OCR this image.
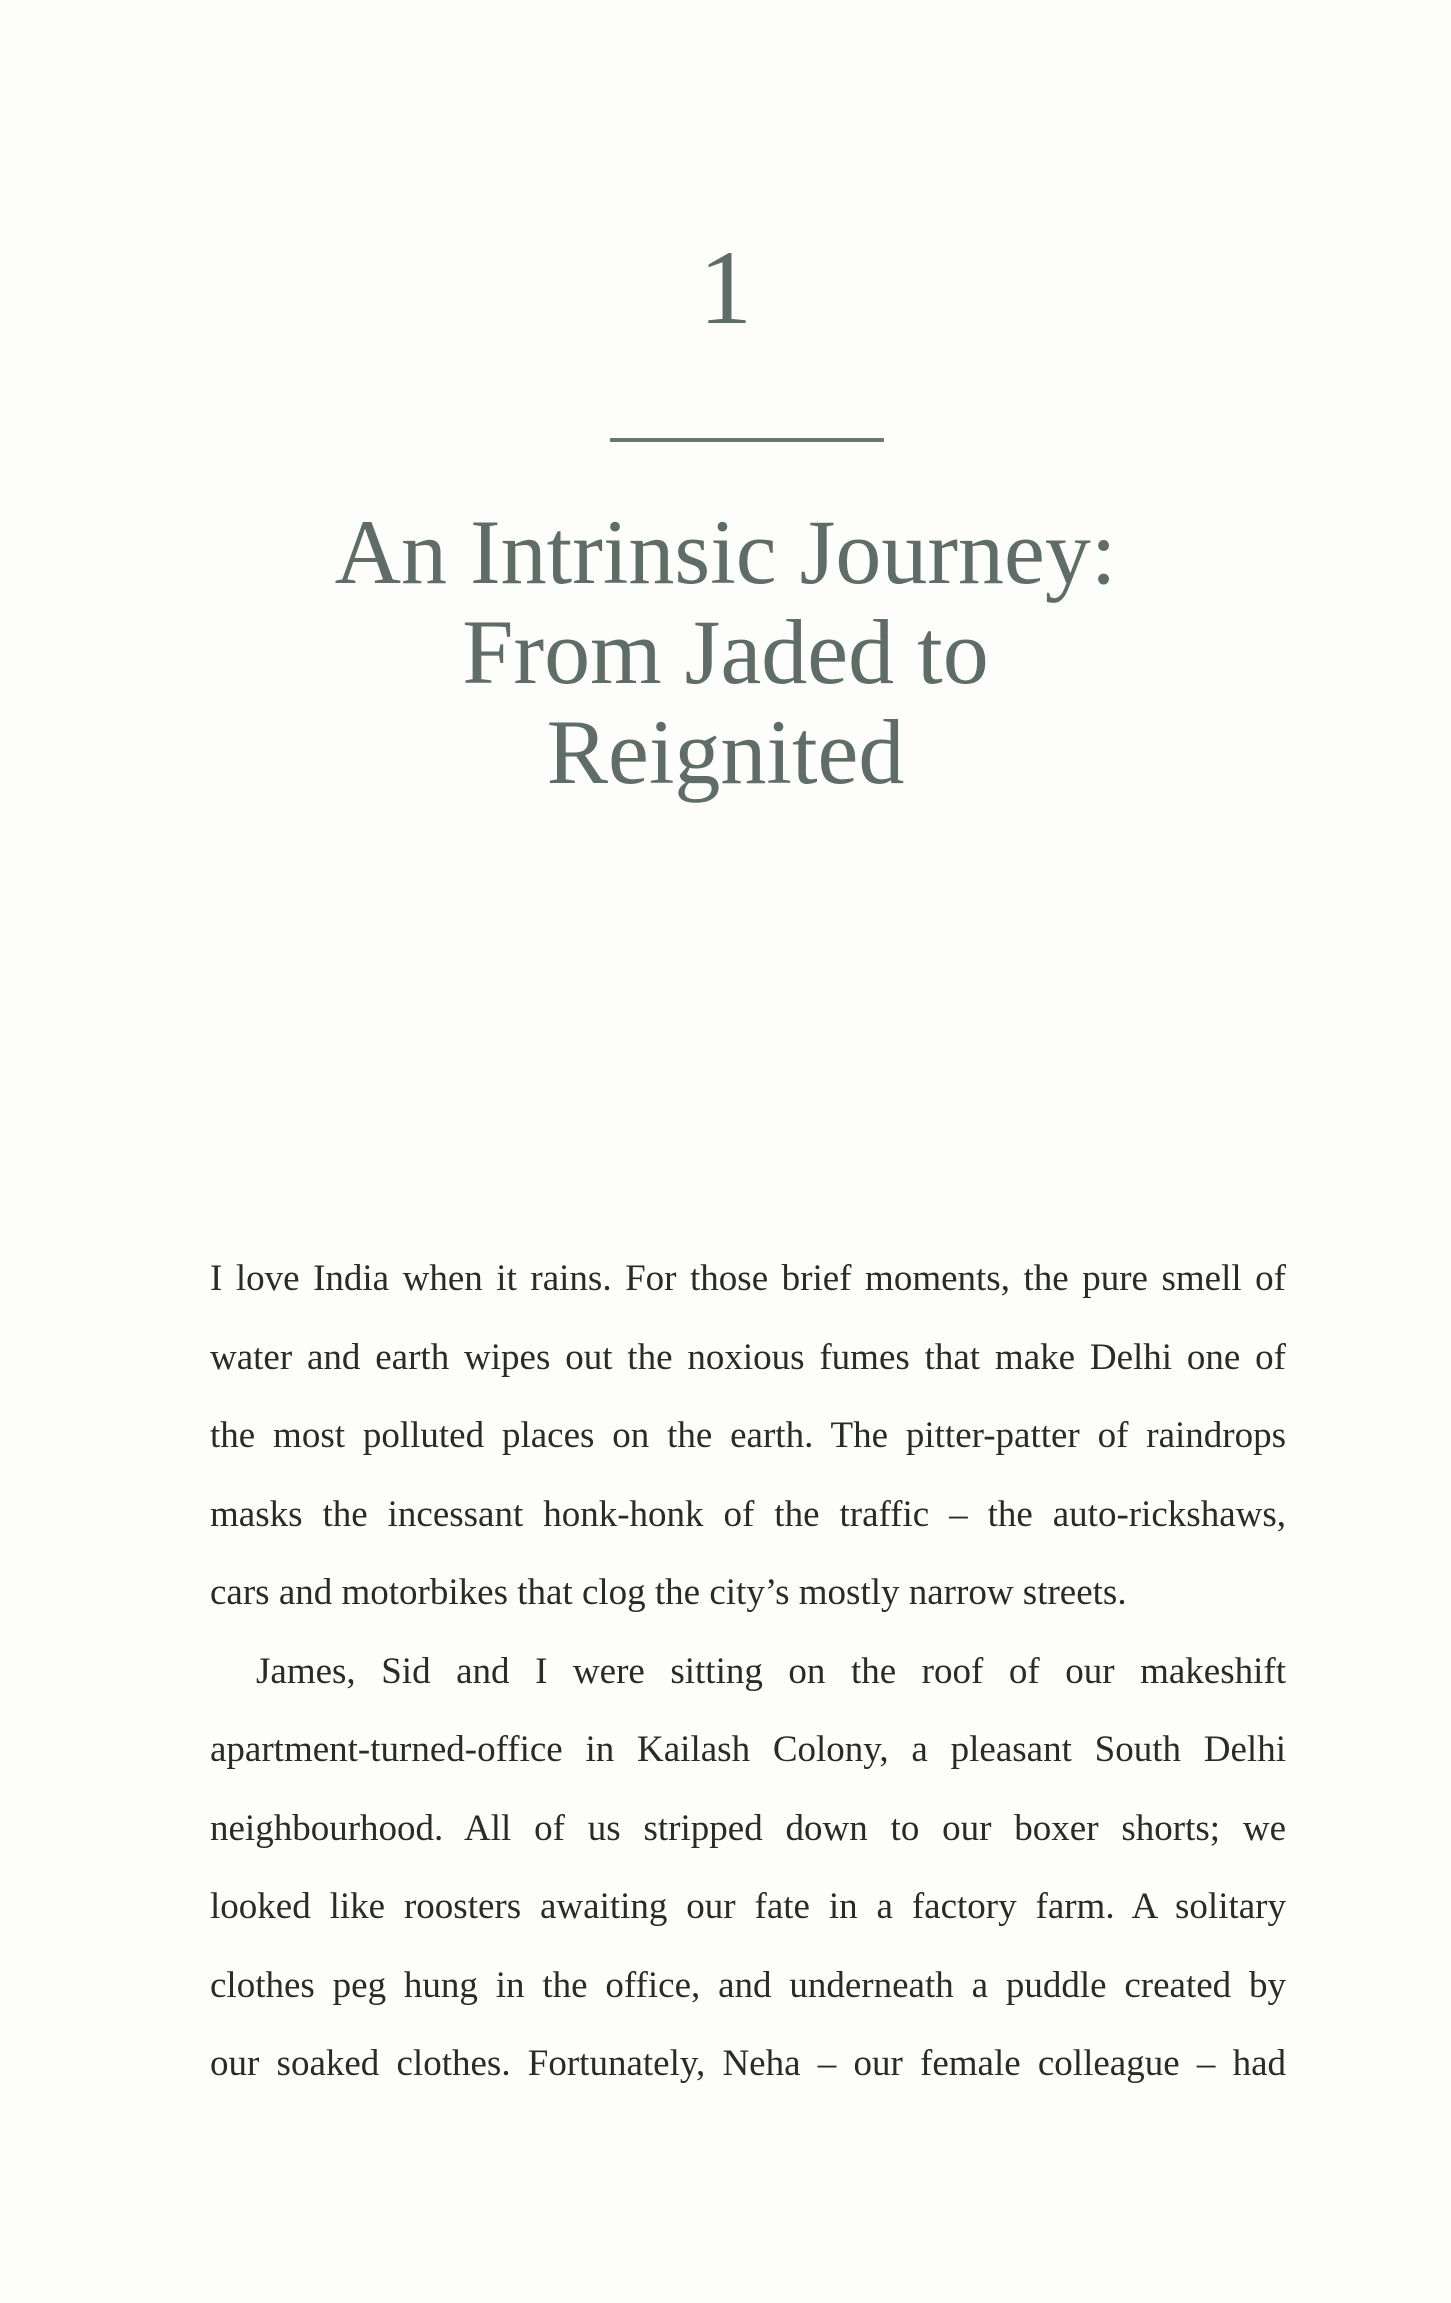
1
An Intrinsic Journey:
From Jaded to
Reignited
I love India when it rains. For those brief moments, the pure smell of
water and earth wipes out the noxious fumes that make Delhi one of
the most polluted places on the earth. The pitter-patter of raindrops
masks the incessant honk-honk of the traffic – the auto-rickshaws,
cars and motorbikes that clog the city’s mostly narrow streets.
James, Sid and I were sitting on the roof of our makeshift
apartment-turned-office in Kailash Colony, a pleasant South Delhi
neighbourhood. All of us stripped down to our boxer shorts; we
looked like roosters awaiting our fate in a factory farm. A solitary
clothes peg hung in the office, and underneath a puddle created by
our soaked clothes. Fortunately, Neha – our female colleague – had
